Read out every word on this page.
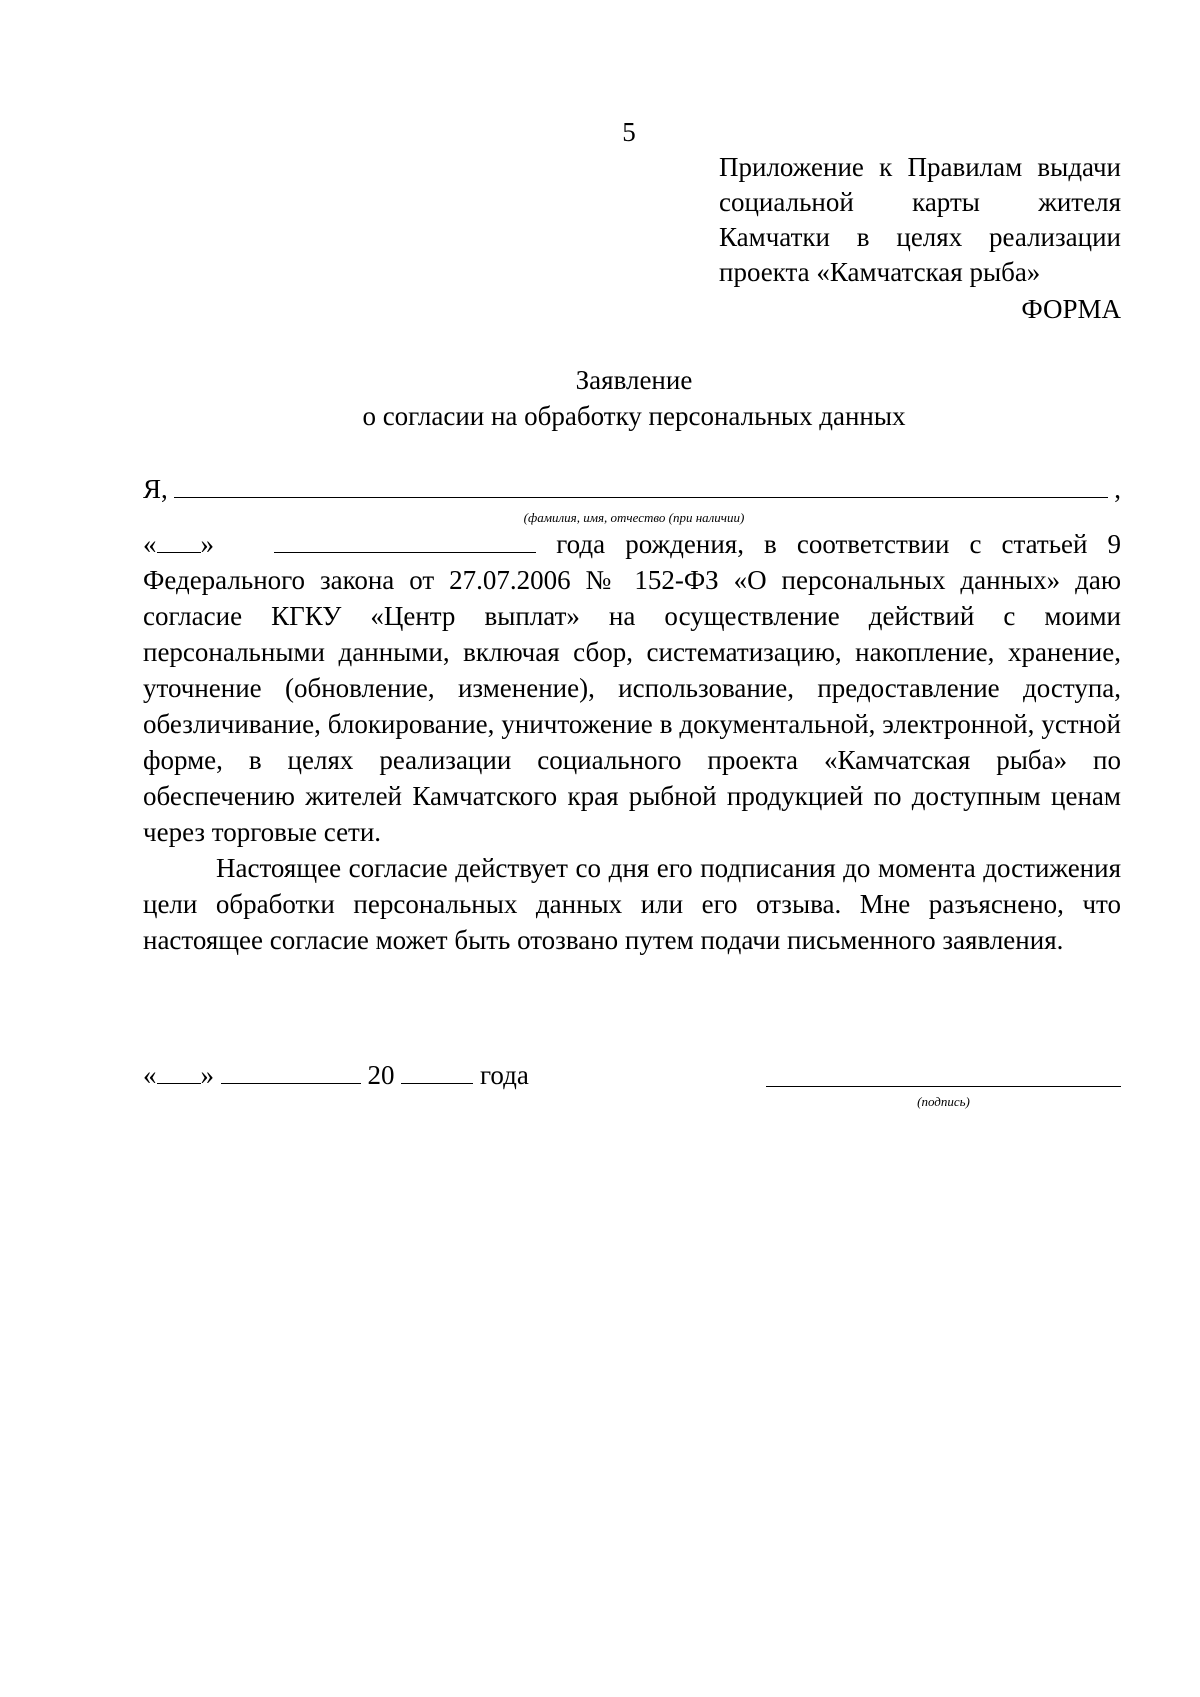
5
Приложение к Правилам выдачи
социальной карты жителя
Камчатки в целях реализации
проекта «Камчатская рыба»
ФОРМА
Заявление
о согласии на обработку персональных данных
Я,	,
(фамилия, имя, отчество (при наличии)
« »	года рождения, в соответствии с статьей 9 Федерального закона от 27.07.2006 № 152-ФЗ «О персональных данных» даю согласие КГКУ «Центр выплат» на осуществление действий с моими персональными данными, включая сбор, систематизацию, накопление, хранение, уточнение (обновление, изменение), использование, предоставление доступа, обезличивание, блокирование, уничтожение в документальной, электронной, устной форме, в целях реализации социального проекта «Камчатская рыба» по обеспечению жителей Камчатского края рыбной продукцией по доступным ценам через торговые сети.
Настоящее согласие действует со дня его подписания до момента достижения цели обработки персональных данных или его отзыва. Мне разъяснено, что настоящее согласие может быть отозвано путем подачи письменного заявления.
« »	20	года
(подпись)
